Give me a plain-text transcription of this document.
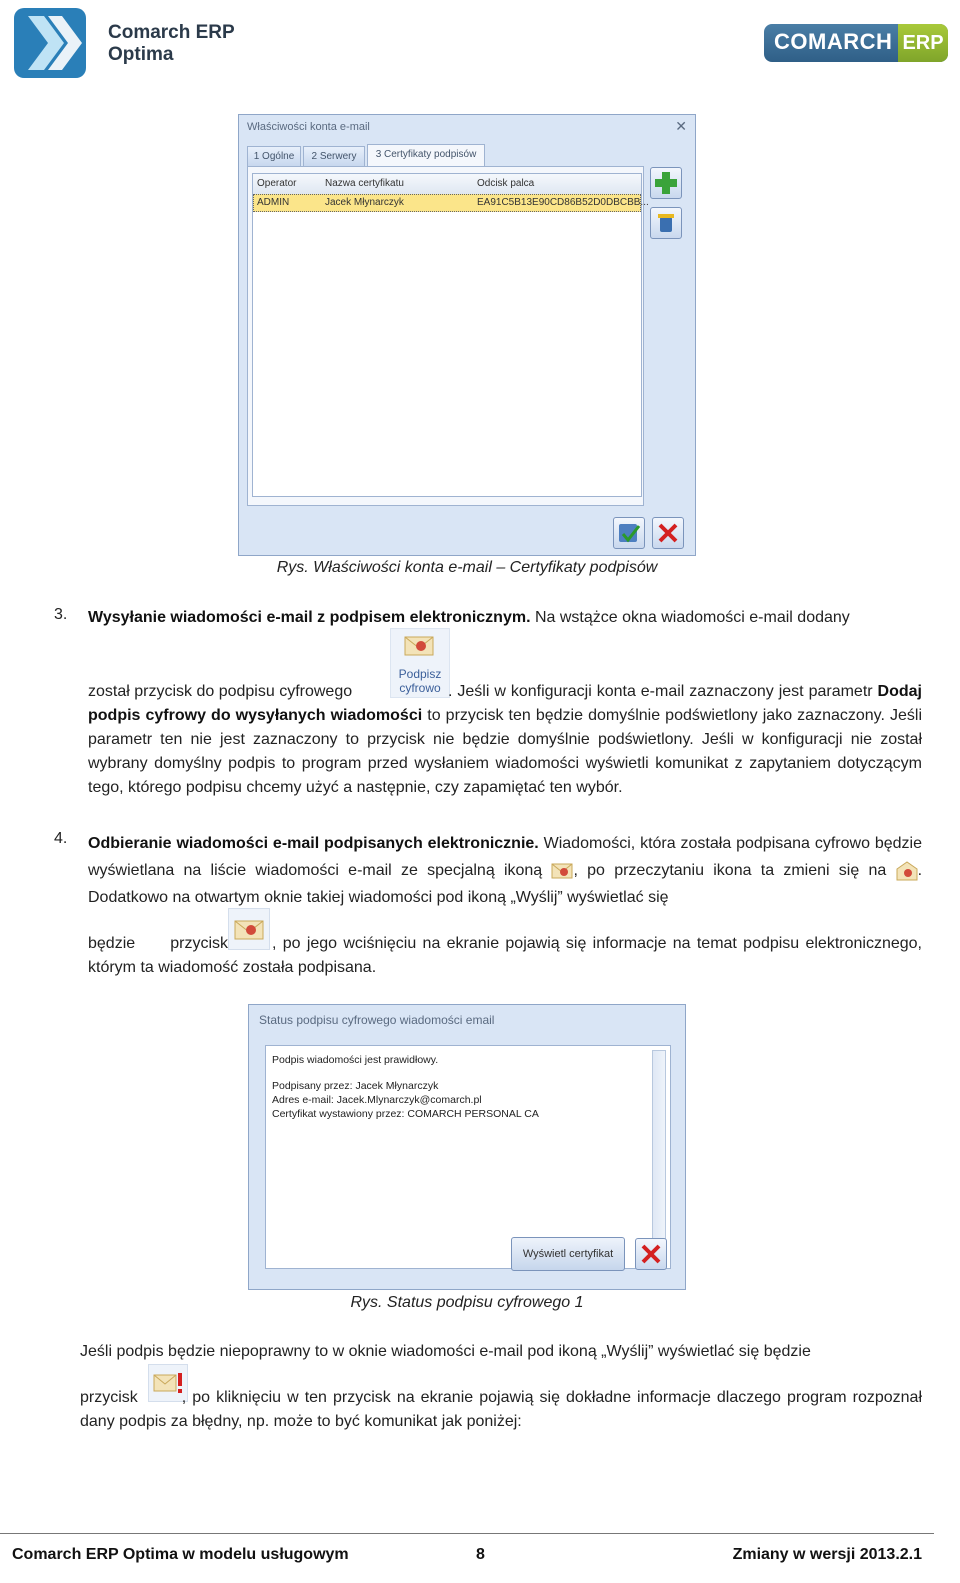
Comarch ERP
Optima
COMARCH ERP
Właściwości konta e-mail	✕
1 Ogólne	2 Serwery	3 Certyfikaty podpisów
Operator	Nazwa certyfikatu	Odcisk palca
ADMIN	Jacek Młynarczyk	EA91C5B13E90CD86B52D0DBCBB...
Rys. Właściwości konta e-mail – Certyfikaty podpisów
3. Wysyłanie wiadomości e-mail z podpisem elektronicznym. Na wstążce okna wiadomości e-mail dodany
Podpisz cyfrowo
został przycisk do podpisu cyfrowego	. Jeśli w konfiguracji konta e-mail zaznaczony jest parametr Dodaj podpis cyfrowy do wysyłanych wiadomości to przycisk ten będzie domyślnie podświetlony jako zaznaczony. Jeśli parametr ten nie jest zaznaczony to przycisk nie będzie domyślnie podświetlony. Jeśli w konfiguracji nie został wybrany domyślny podpis to program przed wysłaniem wiadomości wyświetli komunikat z zapytaniem dotyczącym tego, którego podpisu chcemy użyć a następnie, czy zapamiętać ten wybór.
4. Odbieranie wiadomości e-mail podpisanych elektronicznie. Wiadomości, która została podpisana cyfrowo będzie wyświetlana na liście wiadomości e-mail ze specjalną ikoną , po przeczytaniu ikona ta zmieni się na . Dodatkowo na otwartym oknie takiej wiadomości pod ikoną „Wyślij” wyświetlać się
będzie przycisk	, po jego wciśnięciu na ekranie pojawią się informacje na temat podpisu elektronicznego, którym ta wiadomość została podpisana.
Status podpisu cyfrowego wiadomości email
Podpis wiadomości jest prawidłowy.
Podpisany przez: Jacek Młynarczyk
Adres e-mail: Jacek.Mlynarczyk@comarch.pl
Certyfikat wystawiony przez: COMARCH PERSONAL CA
Wyświetl certyfikat
Rys. Status podpisu cyfrowego 1
Jeśli podpis będzie niepoprawny to w oknie wiadomości e-mail pod ikoną „Wyślij” wyświetlać się będzie
przycisk	, po kliknięciu w ten przycisk na ekranie pojawią się dokładne informacje dlaczego program rozpoznał dany podpis za błędny, np. może to być komunikat jak poniżej:
Comarch ERP Optima w modelu usługowym	8	Zmiany w wersji 2013.2.1
